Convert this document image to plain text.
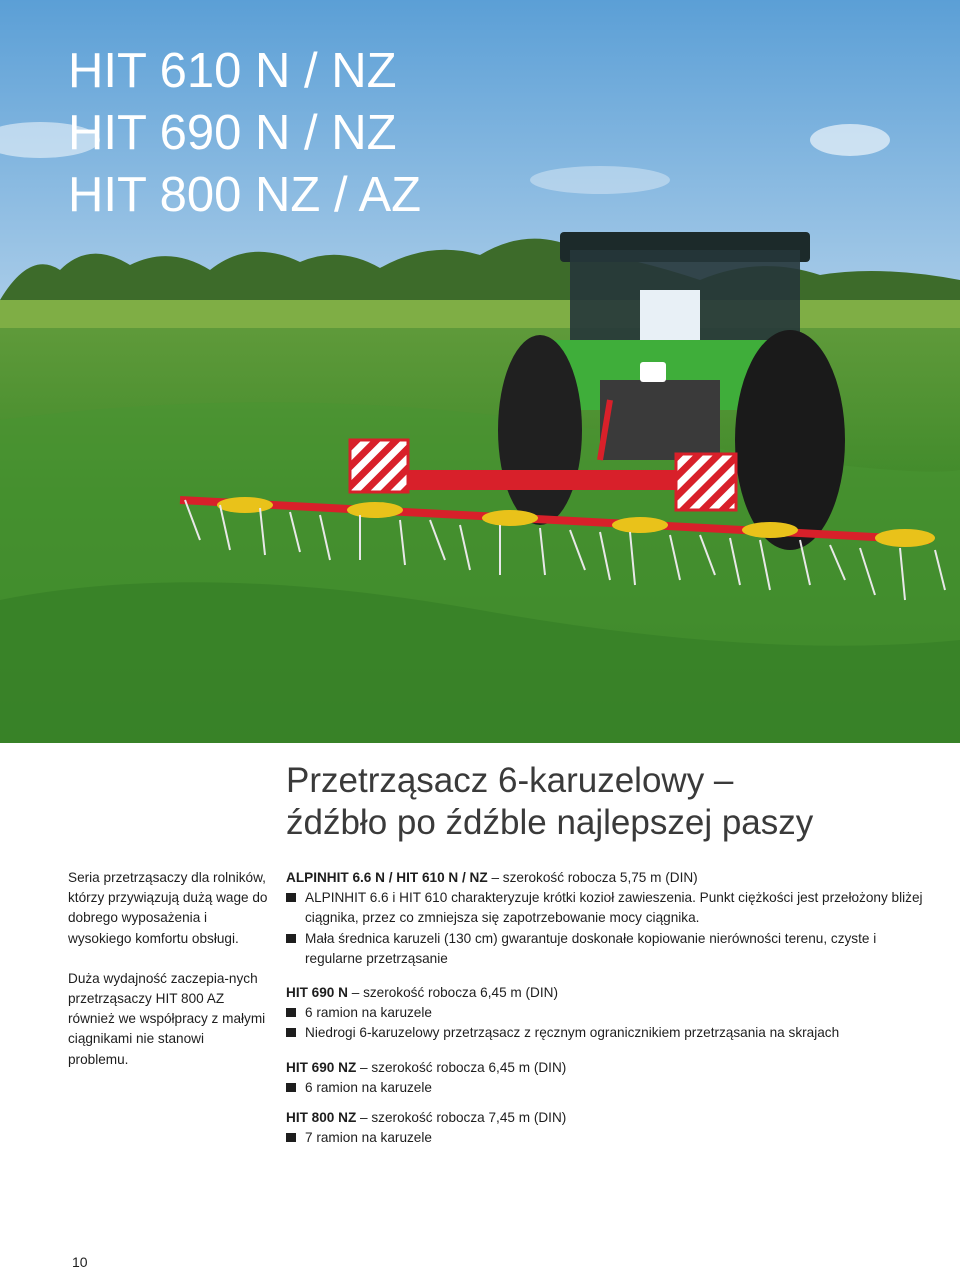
HIT 610 N / NZ
HIT 690 N / NZ
HIT 800 NZ / AZ
Przetrząsacz 6-karuzelowy –
źdźbło po źdźble najlepszej paszy

Seria przetrząsaczy dla rolników, którzy przywiązują dużą wage do dobrego wyposażenia i wysokiego komfortu obsługi.

Duża wydajność zaczepia-nych przetrząsaczy HIT 800 AZ również we współpracy z małymi ciągnikami nie stanowi problemu.

ALPINHIT 6.6 N / HIT 610 N / NZ – szerokość robocza 5,75 m (DIN)
ALPINHIT 6.6 i HIT 610 charakteryzuje krótki kozioł zawieszenia. Punkt ciężkości jest przełożony bliżej ciągnika, przez co zmniejsza się zapotrzebowanie mocy ciągnika.
Mała średnica karuzeli (130 cm) gwarantuje doskonałe kopiowanie nierówności terenu, czyste i regularne przetrząsanie
HIT 690 N – szerokość robocza 6,45 m (DIN)
6 ramion na karuzele
Niedrogi 6-karuzelowy przetrząsacz z ręcznym ogranicznikiem przetrząsania na skrajach
HIT 690 NZ – szerokość robocza 6,45 m (DIN)
6 ramion na karuzele
HIT 800 NZ – szerokość robocza 7,45 m (DIN)
7 ramion na karuzele
10
